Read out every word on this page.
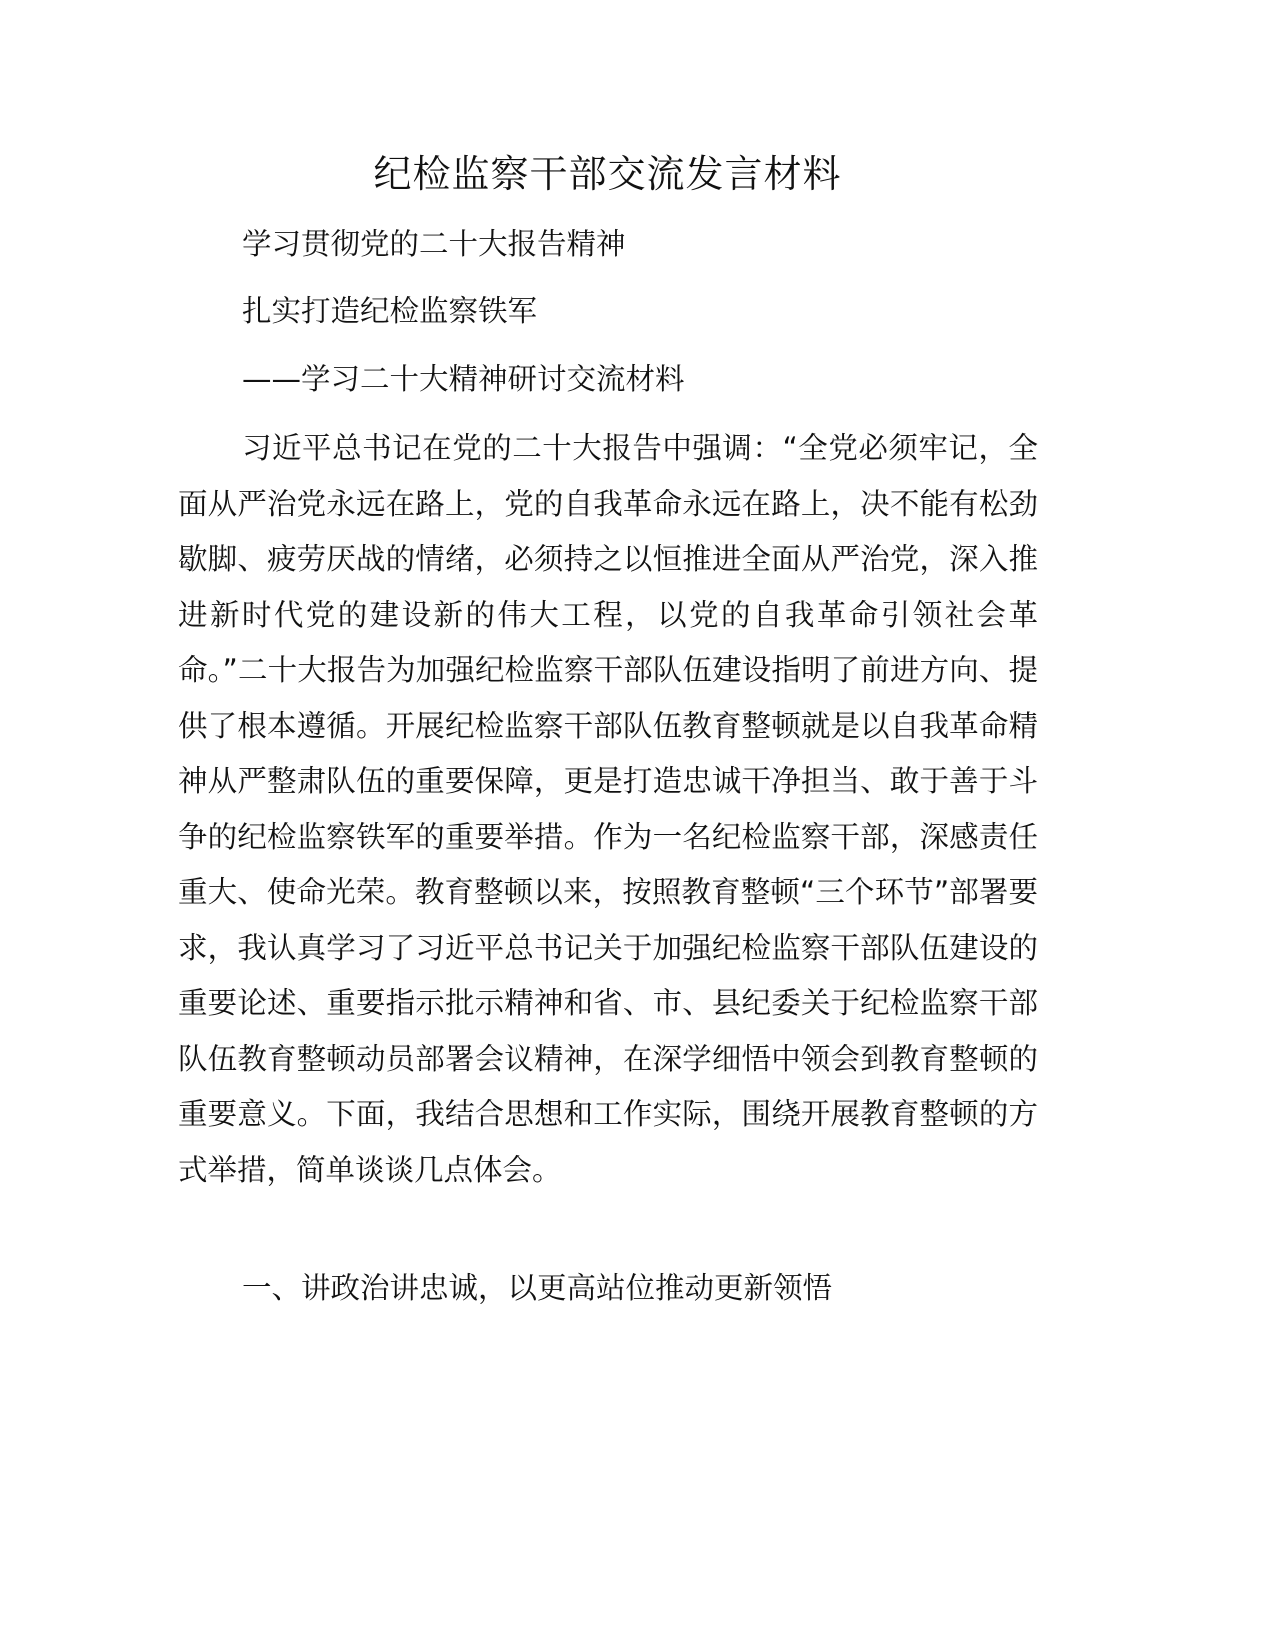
纪检监察干部交流发言材料
学习贯彻党的二十大报告精神
扎实打造纪检监察铁军
——学习二十大精神研讨交流材料

习近平总书记在党的二十大报告中强调：“全党必须牢记，全面从严治党永远在路上，党的自我革命永远在路上，决不能有松劲歇脚、疲劳厌战的情绪，必须持之以恒推进全面从严治党，深入推进新时代党的建设新的伟大工程，以党的自我革命引领社会革命。”二十大报告为加强纪检监察干部队伍建设指明了前进方向、提供了根本遵循。开展纪检监察干部队伍教育整顿就是以自我革命精神从严整肃队伍的重要保障，更是打造忠诚干净担当、敢于善于斗争的纪检监察铁军的重要举措。作为一名纪检监察干部，深感责任重大、使命光荣。教育整顿以来，按照教育整顿“三个环节”部署要求，我认真学习了习近平总书记关于加强纪检监察干部队伍建设的重要论述、重要指示批示精神和省、市、县纪委关于纪检监察干部队伍教育整顿动员部署会议精神，在深学细悟中领会到教育整顿的重要意义。下面，我结合思想和工作实际，围绕开展教育整顿的方式举措，简单谈谈几点体会。

一、讲政治讲忠诚，以更高站位推动更新领悟
